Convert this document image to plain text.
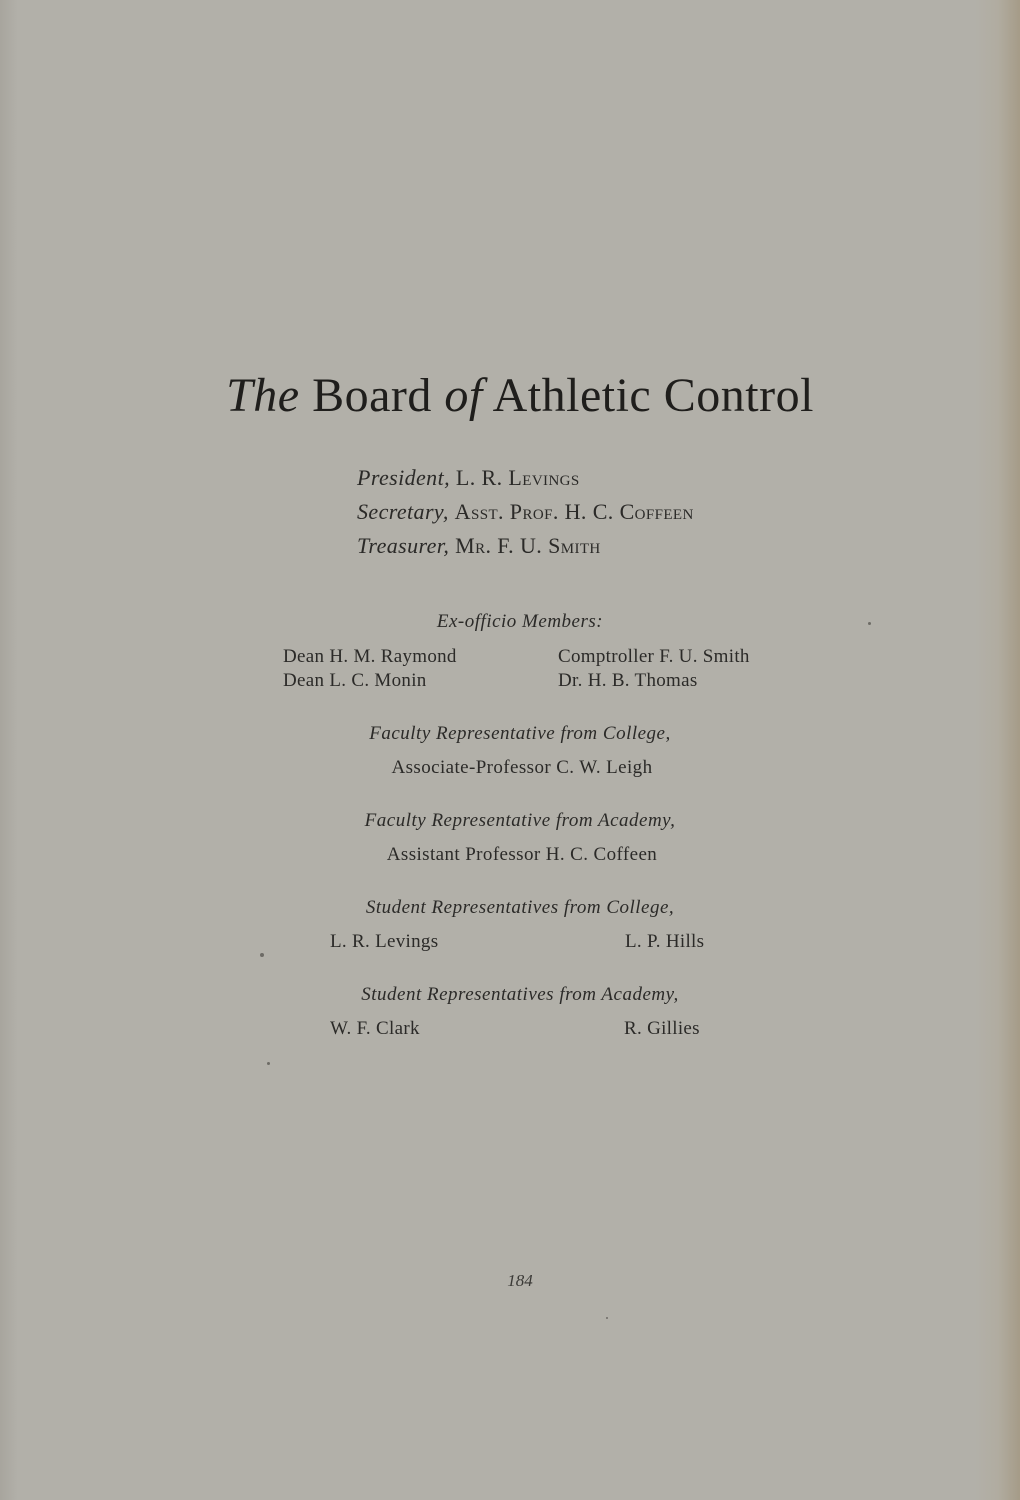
The Board of Athletic Control
President, L. R. Levings
Secretary, Asst. Prof. H. C. Coffeen
Treasurer, Mr. F. U. Smith
Ex-officio Members:
Dean H. M. Raymond
Dean L. C. Monin
Comptroller F. U. Smith
Dr. H. B. Thomas
Faculty Representative from College,
Associate-Professor C. W. Leigh
Faculty Representative from Academy,
Assistant Professor H. C. Coffeen
Student Representatives from College,
L. R. Levings	L. P. Hills
Student Representatives from Academy,
W. F. Clark	R. Gillies
184
